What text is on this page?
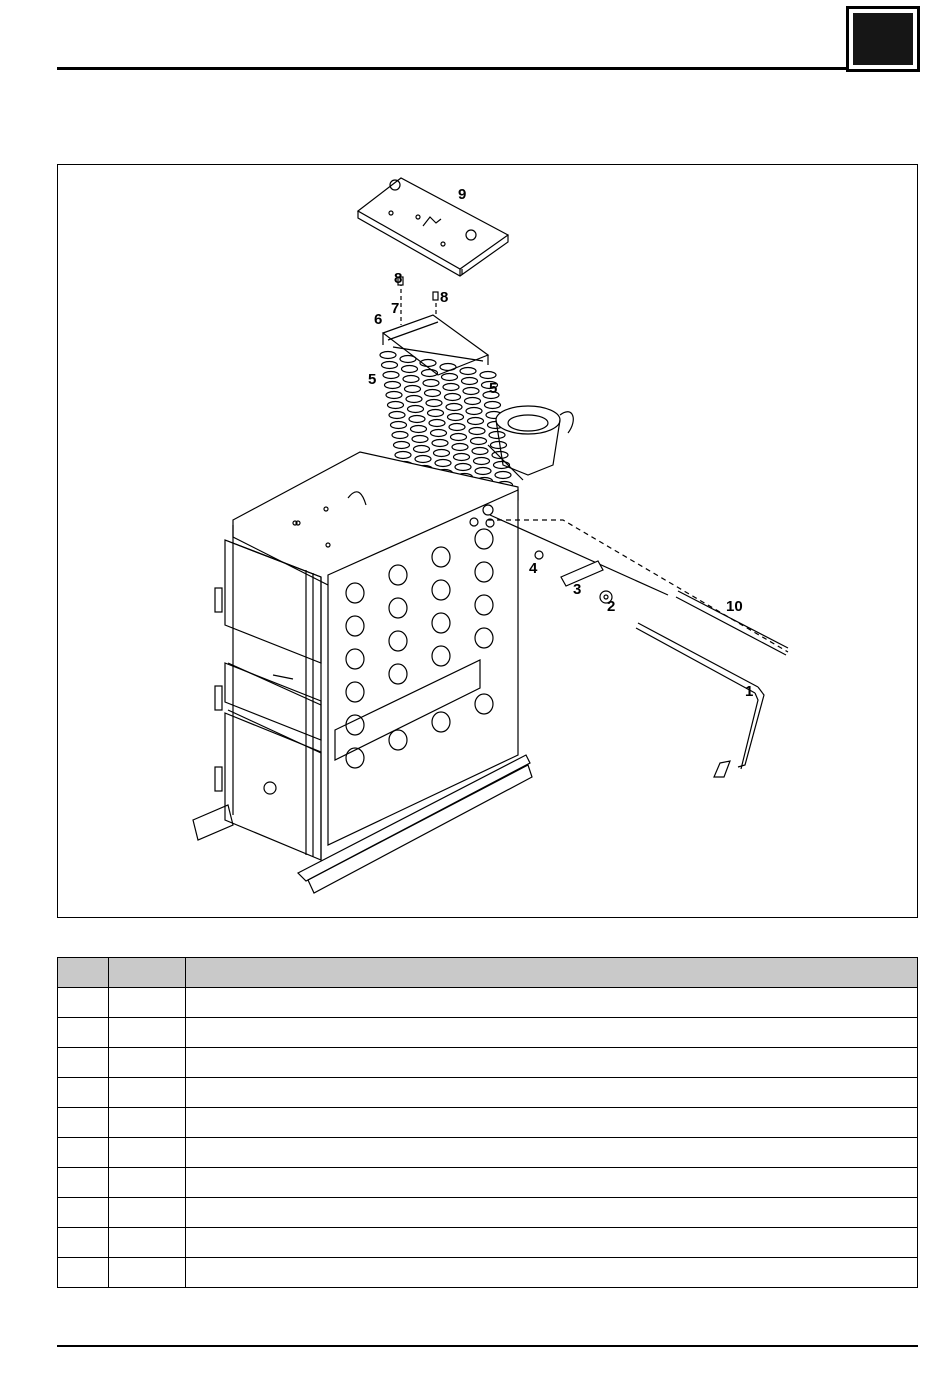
9
8
8
7
6
5
5
4
3
2	10
1
